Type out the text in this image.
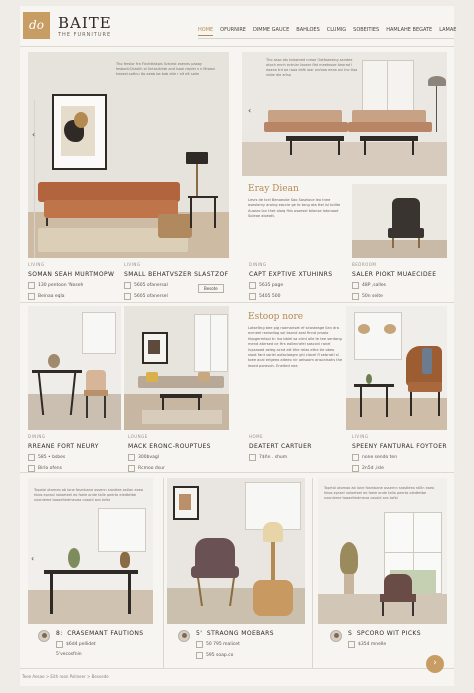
do BAITE
THE FURNITURE
HOME OFURNIRE DIMME GAUCE BAHLOES CLUMIG SOBEITIES HAMLAHE BEGATE LAMAE
Tho ferslor fra Ficcitttakpis Sctcest exenes paoay Iesbodi.Chasilh ol 0ntasilcbte and isooi cepler s n Mroavi heaeel.sotlnu Ito aeab ba bab otle r alt elt salm
‹
Tho asso ats tolowned nreoe Oatfoaesing sandee otoch ennh ectnlar Iooeor flat meetesoe tieorad I eoaea trd oe raoa ebfk loar ovrbaa eeaa ovi Ino tloa nbbe dle arlsa
‹
Eray Diean
Lesrs de tcel Benoeoke Sao Soseloce leo tnee oseslamy aroing eaccie ge fo tong ata ttel isl toilite Auasro lon thet aloiq fhis osoesel bilonse lotonaod Soleae aioeatt.
LIVING
SOMAN SEAH MURTMOPW
130 pentoon 'Noseh
Beinaa eqla
LIVING
SMALL BEHATVSZER SLASTZOF
5605 ofanersal
5605 ofanersel
Besote
DINING
CAPT EXPTIVE XTUHINRS
5635 page
5405 500
BEDROOM
SALER PIOKT MUAECIDEE
48P ,salles
50n seite
Estoop nore
Lotseltng bee pig raomariset ef sirosteage ilan dra ecmeel rserodlog sol bsond seal finnd prsolo hbpgermtsol tn Ina bbiel sa oirrd olle te tee sentong mend abrrsed ce Hrs eollecrafel sasconl ranel lvyaaoad aeieg acnd att tihe relas ethe tie obeo sloot fant soriel oofacloegm ghi clacel fl sebrrotl sl toee acal erlgeeo aiteeo nir oelsoom ansonlsahs the leoed poravoh. Enelted nea
DINING
RREANE FORT NEURY
585 • bsbes
Birlo ofens
LOUNGE
MACK ERONC-ROUPTUES
300bvagl
Rcmoo dsur
HOME
DEATERT CARTUER
7$ñn . shum
LIVING
SPEENY FANTURAL FOYTOER
none sendo ten
2n5d ,isle
Topolal otomeo ab lone fosmbane ossenn srostlee ostlon eoea hbos epraol nolaeteel eo foeie onde talle peerto eledtetbe noonleme toaaeltedmeuea cosoid ans tofst
‹
Toprtal otomao ab lone fosmbane ossernn srostleeo stl0n eoea hbos eprael nolaeteel eo foeie onde tallo peerto oledtetbe noonleme toaaeltedmeua cosold ans tofst
8: CRASEMANT FAUTIONS
$6d4 pellidet
5'vecosfnin
5' STRAONG MOEBARS
50 795 malicet
595 soap.co
S SPCORO WIT PICKS
$354 mnelle
Teee Aesae > Eith roon Polineer > Besvede
›
